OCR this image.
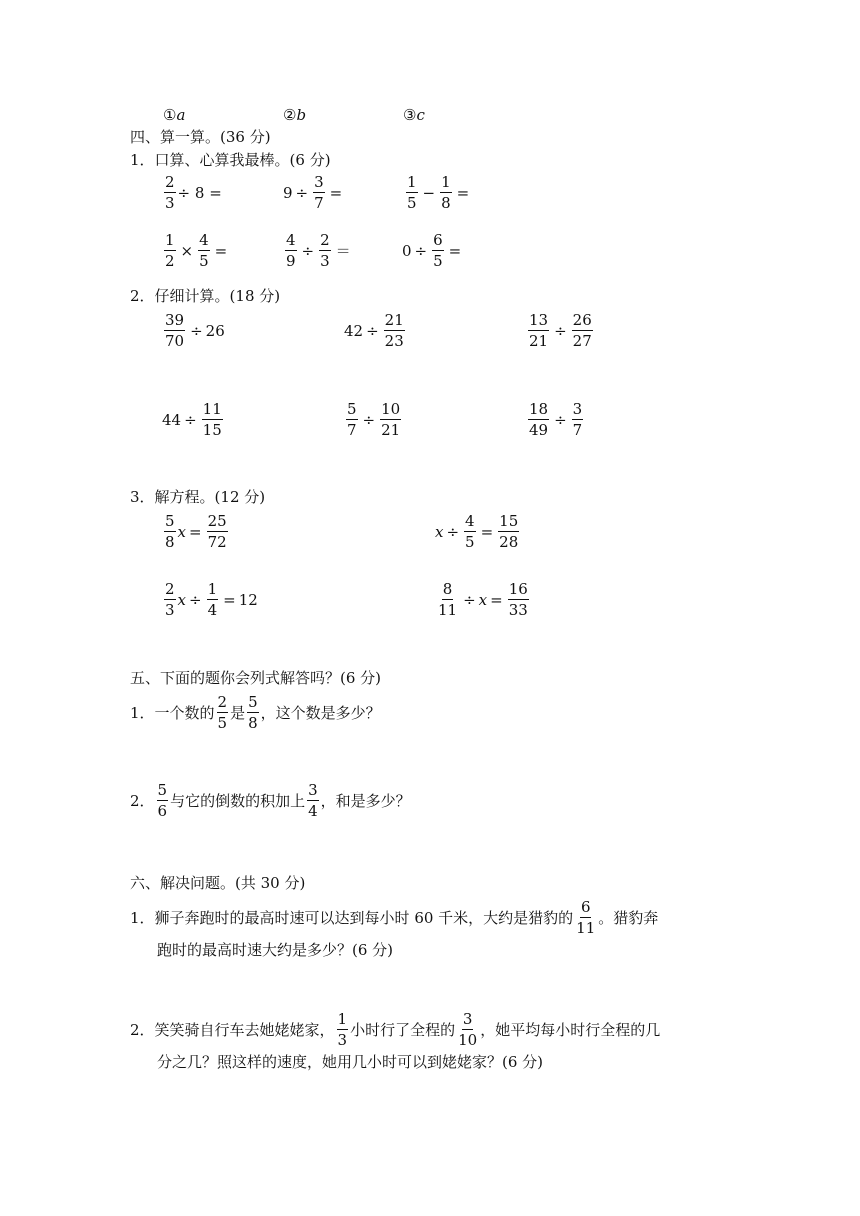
①a	②b	③c
四、算一算。(36 分)
1．口算、心算我最棒。(6 分)
$\frac{2}{3} \div 8$ =	$9 \div \frac{3}{7}$ =	$\frac{1}{5} - \frac{1}{8}$ =
$\frac{1}{2} \times \frac{4}{5}$ =	$\frac{4}{9} \div \frac{2}{3}$ ＝	$0 \div \frac{6}{5}$ =
2．仔细计算。(18 分)
$\frac{39}{70} \div 26$	$42 \div \frac{21}{23}$	$\frac{13}{21} \div \frac{26}{27}$
$44 \div \frac{11}{15}$	$\frac{5}{7} \div \frac{10}{21}$	$\frac{18}{49} \div \frac{3}{7}$
3．解方程。(12 分)
$\frac{5}{8}$ $x = \frac{25}{72}$	$x \div \frac{4}{5} = \frac{15}{28}$
$\frac{2}{3}$ $x \div \frac{1}{4} = 12$	$\frac{8}{11} \div x = \frac{16}{33}$
五、下面的题你会列式解答吗？(6 分)
1．一个数的 $\frac{2}{5}$ 是 $\frac{5}{8}$ ，这个数是多少？
2． $\frac{5}{6}$ 与它的倒数的积加上 $\frac{3}{4}$ ，和是多少？
六、解决问题。(共 30 分)
1．狮子奔跑时的最高时速可以达到每小时 60 千米，大约是猎豹的 $\frac{6}{11}$ 。猎豹奔
跑时的最高时速大约是多少？(6 分)
2．笑笑骑自行车去她姥姥家， $\frac{1}{3}$ 小时行了全程的 $\frac{3}{10}$ ，她平均每小时行全程的几
分之几？照这样的速度，她用几小时可以到姥姥家？(6 分)
